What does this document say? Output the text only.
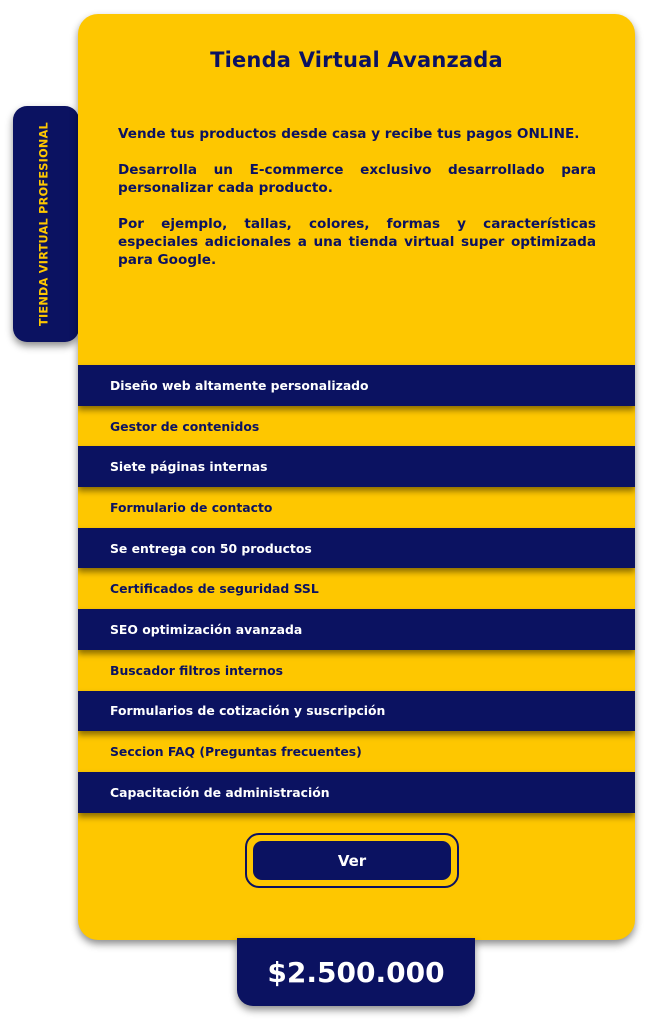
Tienda Virtual Avanzada

Vende tus productos desde casa y recibe tus pagos ONLINE.

Desarrolla un E-commerce exclusivo desarrollado para personalizar cada producto.

Por ejemplo, tallas, colores, formas y características especiales adicionales a una tienda virtual super optimizada para Google.

Diseño web altamente personalizado
Gestor de contenidos
Siete páginas internas
Formulario de contacto
Se entrega con 50 productos
Certificados de seguridad SSL
SEO optimización avanzada
Buscador filtros internos
Formularios de cotización y suscripción
Seccion FAQ (Preguntas frecuentes)
Capacitación de administración
Ver
TIENDA VIRTUAL PROFESIONAL
$2.500.000
